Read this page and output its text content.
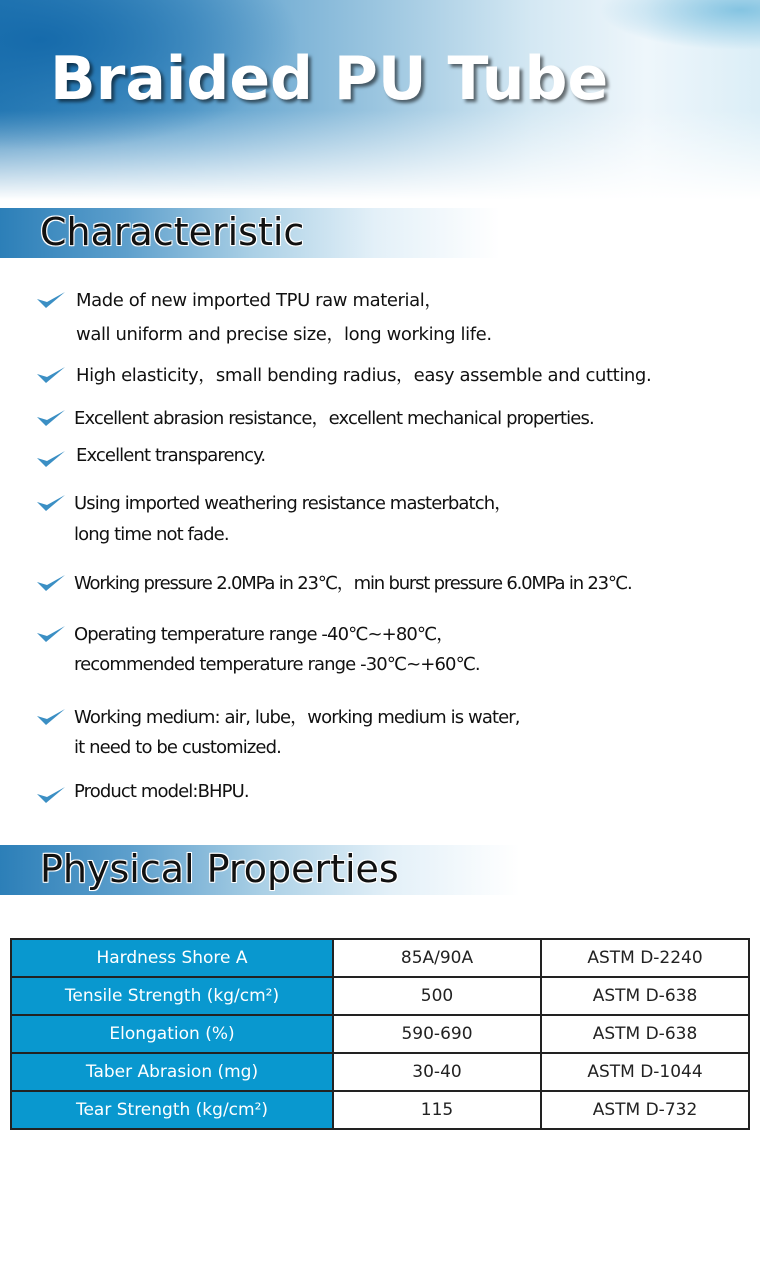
Braided PU Tube
Characteristic
Made of new imported TPU raw material，
wall uniform and precise size，long working life.
High elasticity，small bending radius，easy assemble and cutting.
Excellent abrasion resistance，excellent mechanical properties.
Excellent transparency.
Using imported weathering resistance masterbatch，
long time not fade.
Working pressure 2.0MPa in 23℃，min burst pressure 6.0MPa in 23℃.
Operating temperature range -40℃~+80℃，
recommended temperature range -30℃~+60℃.
Working medium: air, lube，working medium is water,
it need to be customized.
Product model:BHPU.
Physical Properties
Hardness Shore A	85A/90A	ASTM D-2240
Tensile Strength (kg/cm²)	500	ASTM D-638
Elongation (%)	590-690	ASTM D-638
Taber Abrasion (mg)	30-40	ASTM D-1044
Tear Strength (kg/cm²)	115	ASTM D-732
